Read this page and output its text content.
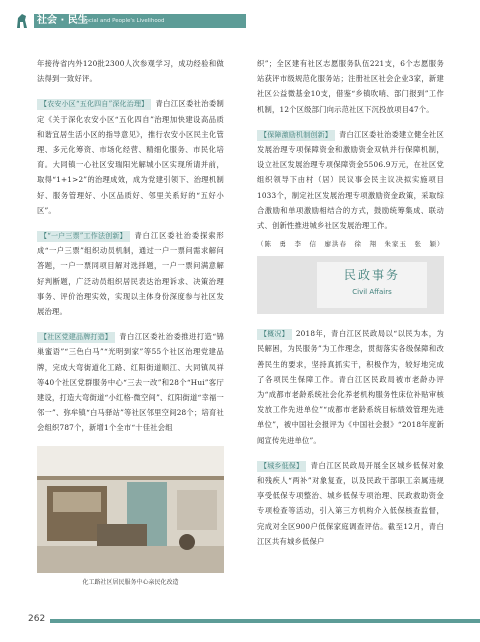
社会 · 民生
Social and People's Livelihood

年接待省内外120批2300人次参观学习，成功经验和做法得到一致好评。

【农安小区“五化四自”深化治理】 青白江区委社治委制定《关于深化农安小区“五化四自”治理加快建设高品质和谐宜居生活小区的指导意见》，推行农安小区民主化管理、多元化筹资、市场化经营、精细化服务、市民化培育。大同镇一心社区安瑞阳光解城小区实现所请并前，取得“1+1>2”的治理成效，成为党建引领下、治理机制好、服务管理好、小区品质好、邻里关系好的“五好小区”。

【“一户三票”工作法创新】 青白江区委社治委探索形成“一户三票”组织动员机制，通过一户一票问需求解问答题，一户一票同项目解对选择题，一户一票问满意解好判断题，广泛动员组织居民表达治理诉求、决策治理事务、评价治理实效，实现以主体身份深度参与社区发展治理。

【社区党建品牌打造】 青白江区委社治委推进打造“锦巢蜜语”“三色白马”“光明到家”等55个社区治理党建品牌，完成大弯街道化工路、红阳街道顺江、大同镇凤祥等40个社区党群服务中心“三去一改”和28个“Hui”客厅建设，打造大弯街道“小红格·微空间”、红阳街道“幸福一邻一”、弥牟镇“白马驿站”等社区邻里空间28个；培育社会组织787个，新增1个全市“十佳社会组

化工路社区居民服务中心亲民化改造

织”；全区建有社区志愿服务队伍221支，6个志愿服务站获评市级规范化服务站；注册社区社会企业3家，新建社区公益微基金10支，借鉴“乡镇吹哨、部门报到”工作机制，12个区级部门向示范社区下沉投放项目47个。

【保障激励机制创新】 青白江区委社治委建立健全社区发展治理专项保障资金和激励资金双轨并行保障机制，设立社区发展治理专项保障资金5506.9万元，在社区党组织领导下由村（居）民议事会民主议决拟实施项目1033个，制定社区发展治理专项激励资金政策，采取综合激励和单项激励相结合的方式，鼓励统筹集成、联动式、创新性推进城乡社区发展治理工作。

（陈　勇　李　信　廖洪春　徐　翔　朱家玉　张　颖）
民政事务
Civil Affairs

【概况】 2018年，青白江区民政局以“以民为本，为民解困，为民服务”为工作理念，贯彻落实各级保障和改善民生的要求，坚持真抓实干，积极作为，较好地完成了各项民生保障工作。青白江区民政局被市老龄办评为“成都市老龄系统社会化养老机构服务性床位补贴审核发放工作先进单位”“成都市老龄系统目标绩效管理先进单位”，被中国社会报评为《中国社会报》“2018年度新闻宣传先进单位”。

【城乡低保】 青白江区民政局开展全区城乡低保对象和残疾人“两补”对象复查，以及民政干部职工亲属违规享受低保专项整治、城乡低保专项治理、民政救助资金专项检查等活动，引入第三方机构介入低保核查监督，完成对全区900户低保家庭调查评估。截至12月，青白江区共有城乡低保户

262
